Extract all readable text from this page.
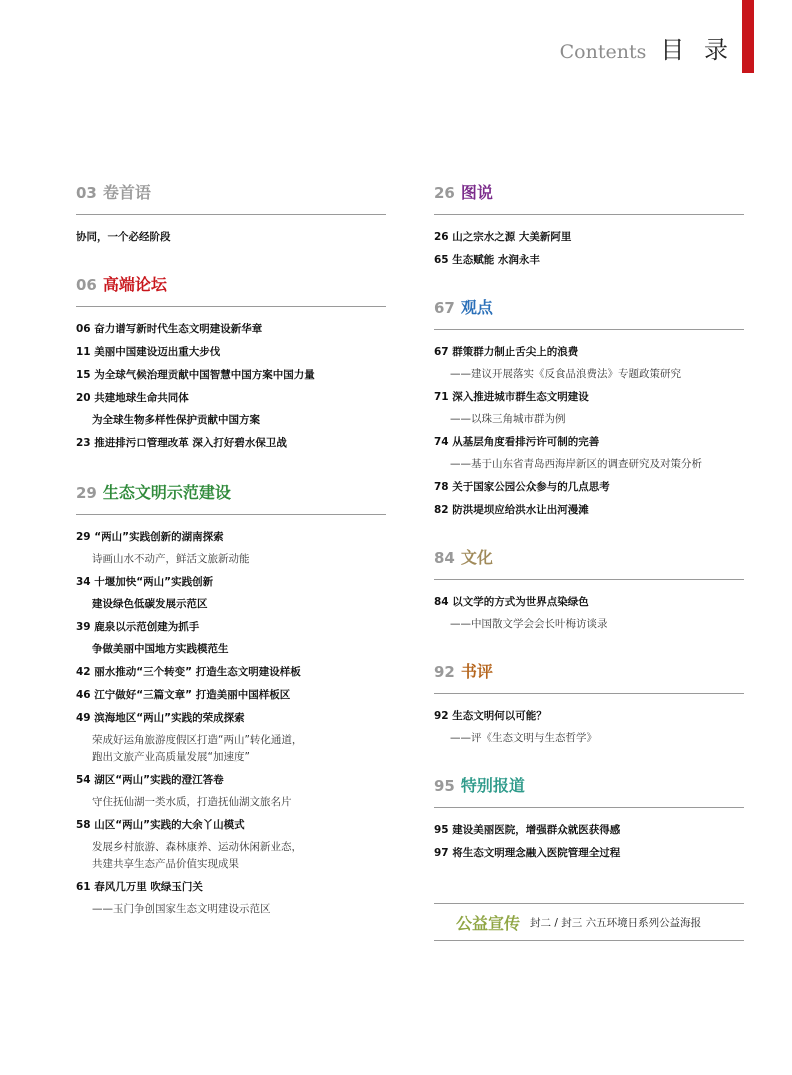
Contents 目 录
03 卷首语
协同，一个必经阶段
06 高端论坛
06 奋力谱写新时代生态文明建设新华章
11 美丽中国建设迈出重大步伐
15 为全球气候治理贡献中国智慧中国方案中国力量
20 共建地球生命共同体
为全球生物多样性保护贡献中国方案
23 推进排污口管理改革 深入打好碧水保卫战
29 生态文明示范建设
29 “两山”实践创新的湖南探索
诗画山水不动产，鲜活文旅新动能
34 十堰加快“两山”实践创新
建设绿色低碳发展示范区
39 鹿泉以示范创建为抓手
争做美丽中国地方实践模范生
42 丽水推动“三个转变” 打造生态文明建设样板
46 江宁做好“三篇文章” 打造美丽中国样板区
49 滨海地区“两山”实践的荣成探索
荣成好运角旅游度假区打造“两山”转化通道，
跑出文旅产业高质量发展“加速度”
54 湖区“两山”实践的澄江答卷
守住抚仙湖一类水质，打造抚仙湖文旅名片
58 山区“两山”实践的大余丫山模式
发展乡村旅游、森林康养、运动休闲新业态，
共建共享生态产品价值实现成果
61 春风几万里 吹绿玉门关
——玉门争创国家生态文明建设示范区
26 图说
26 山之宗水之源 大美新阿里
65 生态赋能 水润永丰
67 观点
67 群策群力制止舌尖上的浪费
——建议开展落实《反食品浪费法》专题政策研究
71 深入推进城市群生态文明建设
——以珠三角城市群为例
74 从基层角度看排污许可制的完善
——基于山东省青岛西海岸新区的调查研究及对策分析
78 关于国家公园公众参与的几点思考
82 防洪堤坝应给洪水让出河漫滩
84 文化
84 以文学的方式为世界点染绿色
——中国散文学会会长叶梅访谈录
92 书评
92 生态文明何以可能？
——评《生态文明与生态哲学》
95 特别报道
95 建设美丽医院，增强群众就医获得感
97 将生态文明理念融入医院管理全过程
公益宣传 封二 / 封三 六五环境日系列公益海报
